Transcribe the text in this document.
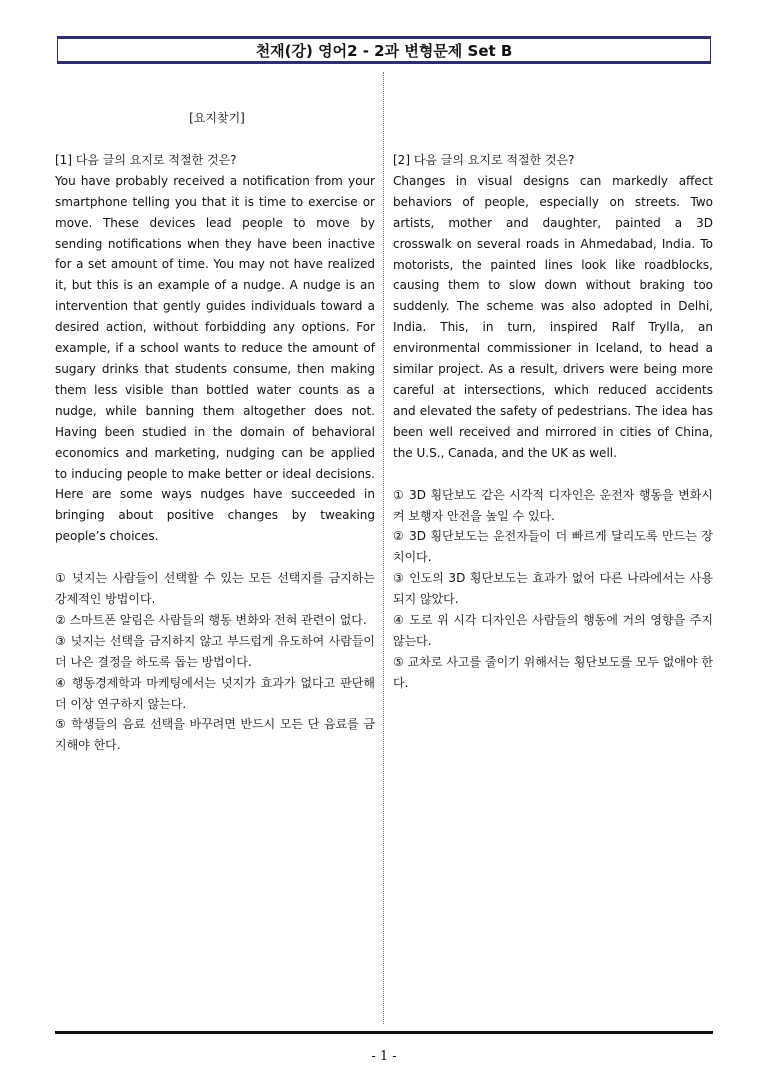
천재(강) 영어2 - 2과 변형문제 Set B
[요지찾기]
[1] 다음 글의 요지로 적절한 것은?
You have probably received a notification from your smartphone telling you that it is time to exercise or move. These devices lead people to move by sending notifications when they have been inactive for a set amount of time. You may not have realized it, but this is an example of a nudge. A nudge is an intervention that gently guides individuals toward a desired action, without forbidding any options. For example, if a school wants to reduce the amount of sugary drinks that students consume, then making them less visible than bottled water counts as a nudge, while banning them altogether does not. Having been studied in the domain of behavioral economics and marketing, nudging can be applied to inducing people to make better or ideal decisions. Here are some ways nudges have succeeded in bringing about positive changes by tweaking people’s choices.
① 넛지는 사람들이 선택할 수 있는 모든 선택지를 금지하는 강제적인 방법이다.
② 스마트폰 알림은 사람들의 행동 변화와 전혀 관련이 없다.
③ 넛지는 선택을 금지하지 않고 부드럽게 유도하여 사람들이 더 나은 결정을 하도록 돕는 방법이다.
④ 행동경제학과 마케팅에서는 넛지가 효과가 없다고 판단해 더 이상 연구하지 않는다.
⑤ 학생들의 음료 선택을 바꾸려면 반드시 모든 단 음료를 금지해야 한다.
[2] 다음 글의 요지로 적절한 것은?
Changes in visual designs can markedly affect behaviors of people, especially on streets. Two artists, mother and daughter, painted a 3D crosswalk on several roads in Ahmedabad, India. To motorists, the painted lines look like roadblocks, causing them to slow down without braking too suddenly. The scheme was also adopted in Delhi, India. This, in turn, inspired Ralf Trylla, an environmental commissioner in Iceland, to head a similar project. As a result, drivers were being more careful at intersections, which reduced accidents and elevated the safety of pedestrians. The idea has been well received and mirrored in cities of China, the U.S., Canada, and the UK as well.
① 3D 횡단보도 같은 시각적 디자인은 운전자 행동을 변화시켜 보행자 안전을 높일 수 있다.
② 3D 횡단보도는 운전자들이 더 빠르게 달리도록 만드는 장치이다.
③ 인도의 3D 횡단보도는 효과가 없어 다른 나라에서는 사용되지 않았다.
④ 도로 위 시각 디자인은 사람들의 행동에 거의 영향을 주지 않는다.
⑤ 교차로 사고를 줄이기 위해서는 횡단보도를 모두 없애야 한다.
- 1 -
